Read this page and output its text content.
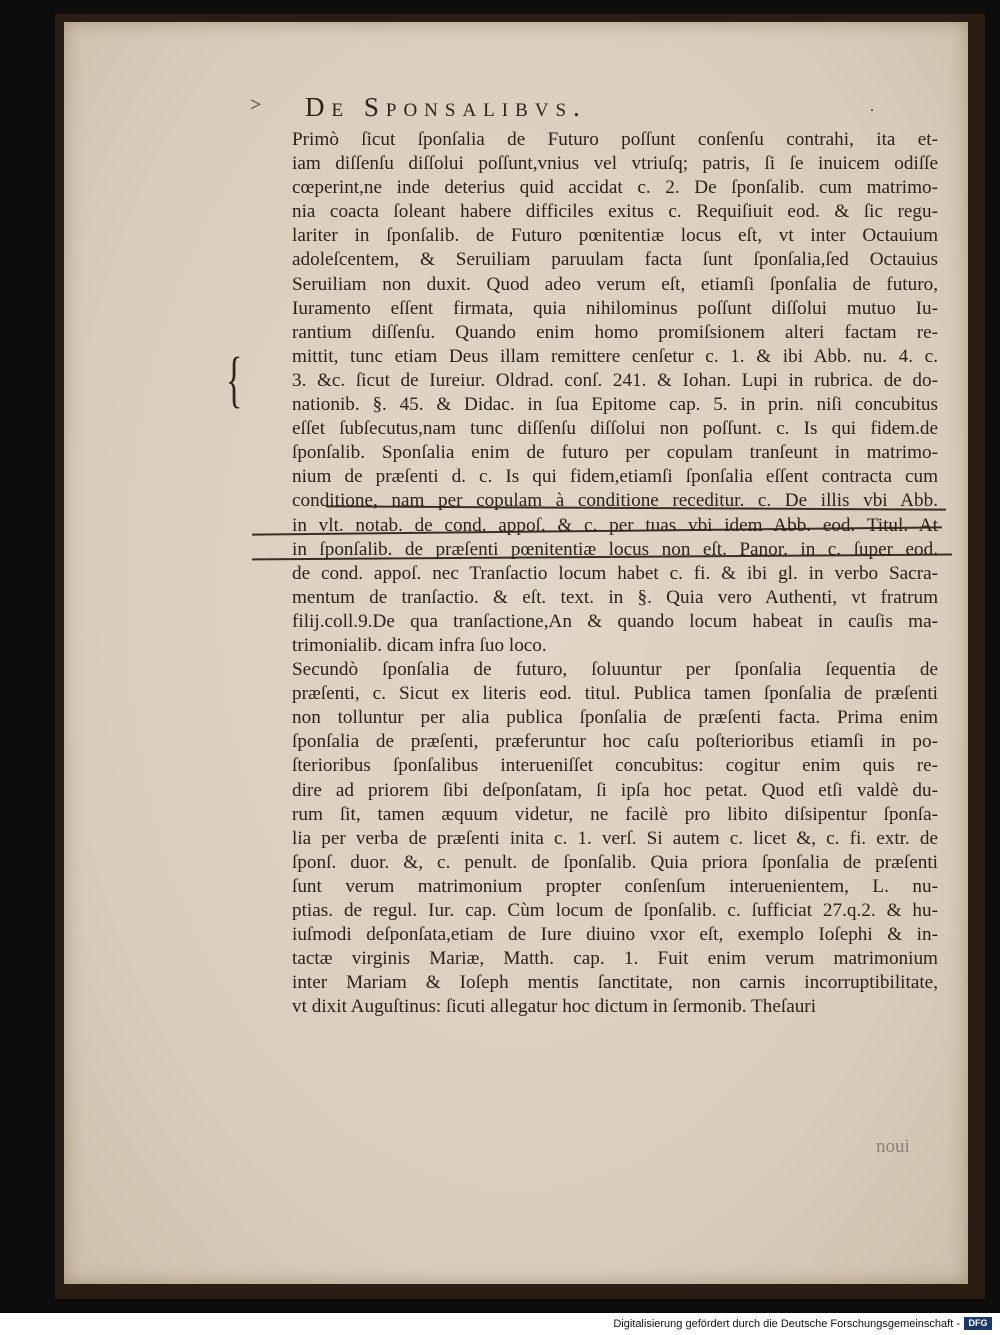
> De Sponsalibvs.	.
{

Primò ſicut ſponſalia de Futuro poſſunt conſenſu contrahi, ita et-
iam diſſenſu diſſolui poſſunt,vnius vel vtriuſq; patris, ſi ſe inuicem odiſſe
cœperint,ne inde deterius quid accidat c. 2. De ſponſalib. cum matrimo-
nia coacta ſoleant habere difficiles exitus c. Requiſiuit eod. & ſic regu-
lariter in ſponſalib. de Futuro pœnitentiæ locus eſt, vt inter Octauium
adoleſcentem, & Seruiliam paruulam facta ſunt ſponſalia,ſed Octauius
Seruiliam non duxit. Quod adeo verum eſt, etiamſi ſponſalia de futuro,
Iuramento eſſent firmata, quia nihilominus poſſunt diſſolui mutuo Iu-
rantium diſſenſu. Quando enim homo promiſsionem alteri factam re-
mittit, tunc etiam Deus illam remittere cenſetur c. 1. & ibi Abb. nu. 4. c.
3. &c. ſicut de Iureiur. Oldrad. conſ. 241. & Iohan. Lupi in rubrica. de do-
nationib. §. 45. & Didac. in ſua Epitome cap. 5. in prin. niſi concubitus
eſſet ſubſecutus,nam tunc diſſenſu diſſolui non poſſunt. c. Is qui fidem.de
ſponſalib. Sponſalia enim de futuro per copulam tranſeunt in matrimo-
nium de præſenti d. c. Is qui fidem,etiamſi ſponſalia eſſent contracta cum
conditione, nam per copulam à conditione receditur. c. De illis vbi Abb.
in vlt. notab. de cond. appoſ. & c. per tuas vbi idem Abb. eod. Titul. At
in ſponſalib. de præſenti pœnitentiæ locus non eſt. Panor. in c. ſuper eod.
de cond. appoſ. nec Tranſactio locum habet c. fi. & ibi gl. in verbo Sacra-
mentum de tranſactio. & eſt. text. in §. Quia vero Authenti, vt fratrum
filij.coll.9.De qua tranſactione,An & quando locum habeat in cauſis ma-
trimonialib. dicam infra ſuo loco.

Secundò ſponſalia de futuro, ſoluuntur per ſponſalia ſequentia de
præſenti, c. Sicut ex literis eod. titul. Publica tamen ſponſalia de præſenti
non tolluntur per alia publica ſponſalia de præſenti facta. Prima enim
ſponſalia de præſenti, præferuntur hoc caſu poſterioribus etiamſi in po-
ſterioribus ſponſalibus interueniſſet concubitus: cogitur enim quis re-
dire ad priorem ſibi deſponſatam, ſi ipſa hoc petat. Quod etſi valdè du-
rum ſit, tamen æquum videtur, ne facilè pro libito diſsipentur ſponſa-
lia per verba de præſenti inita c. 1. verſ. Si autem c. licet &, c. fi. extr. de
ſponſ. duor. &, c. penult. de ſponſalib. Quia priora ſponſalia de præſenti
ſunt verum matrimonium propter conſenſum interuenientem, L. nu-
ptias. de regul. Iur. cap. Cùm locum de ſponſalib. c. ſufficiat 27.q.2. & hu-
iuſmodi deſponſata,etiam de Iure diuino vxor eſt, exemplo Ioſephi & in-
tactæ virginis Mariæ, Matth. cap. 1. Fuit enim verum matrimonium
inter Mariam & Ioſeph mentis ſanctitate, non carnis incorruptibilitate,
vt dixit Auguſtinus: ſicuti allegatur hoc dictum in ſermonib. Theſauri

noui
Digitalisierung gefördert durch die Deutsche Forschungsgemeinschaft - DFG
